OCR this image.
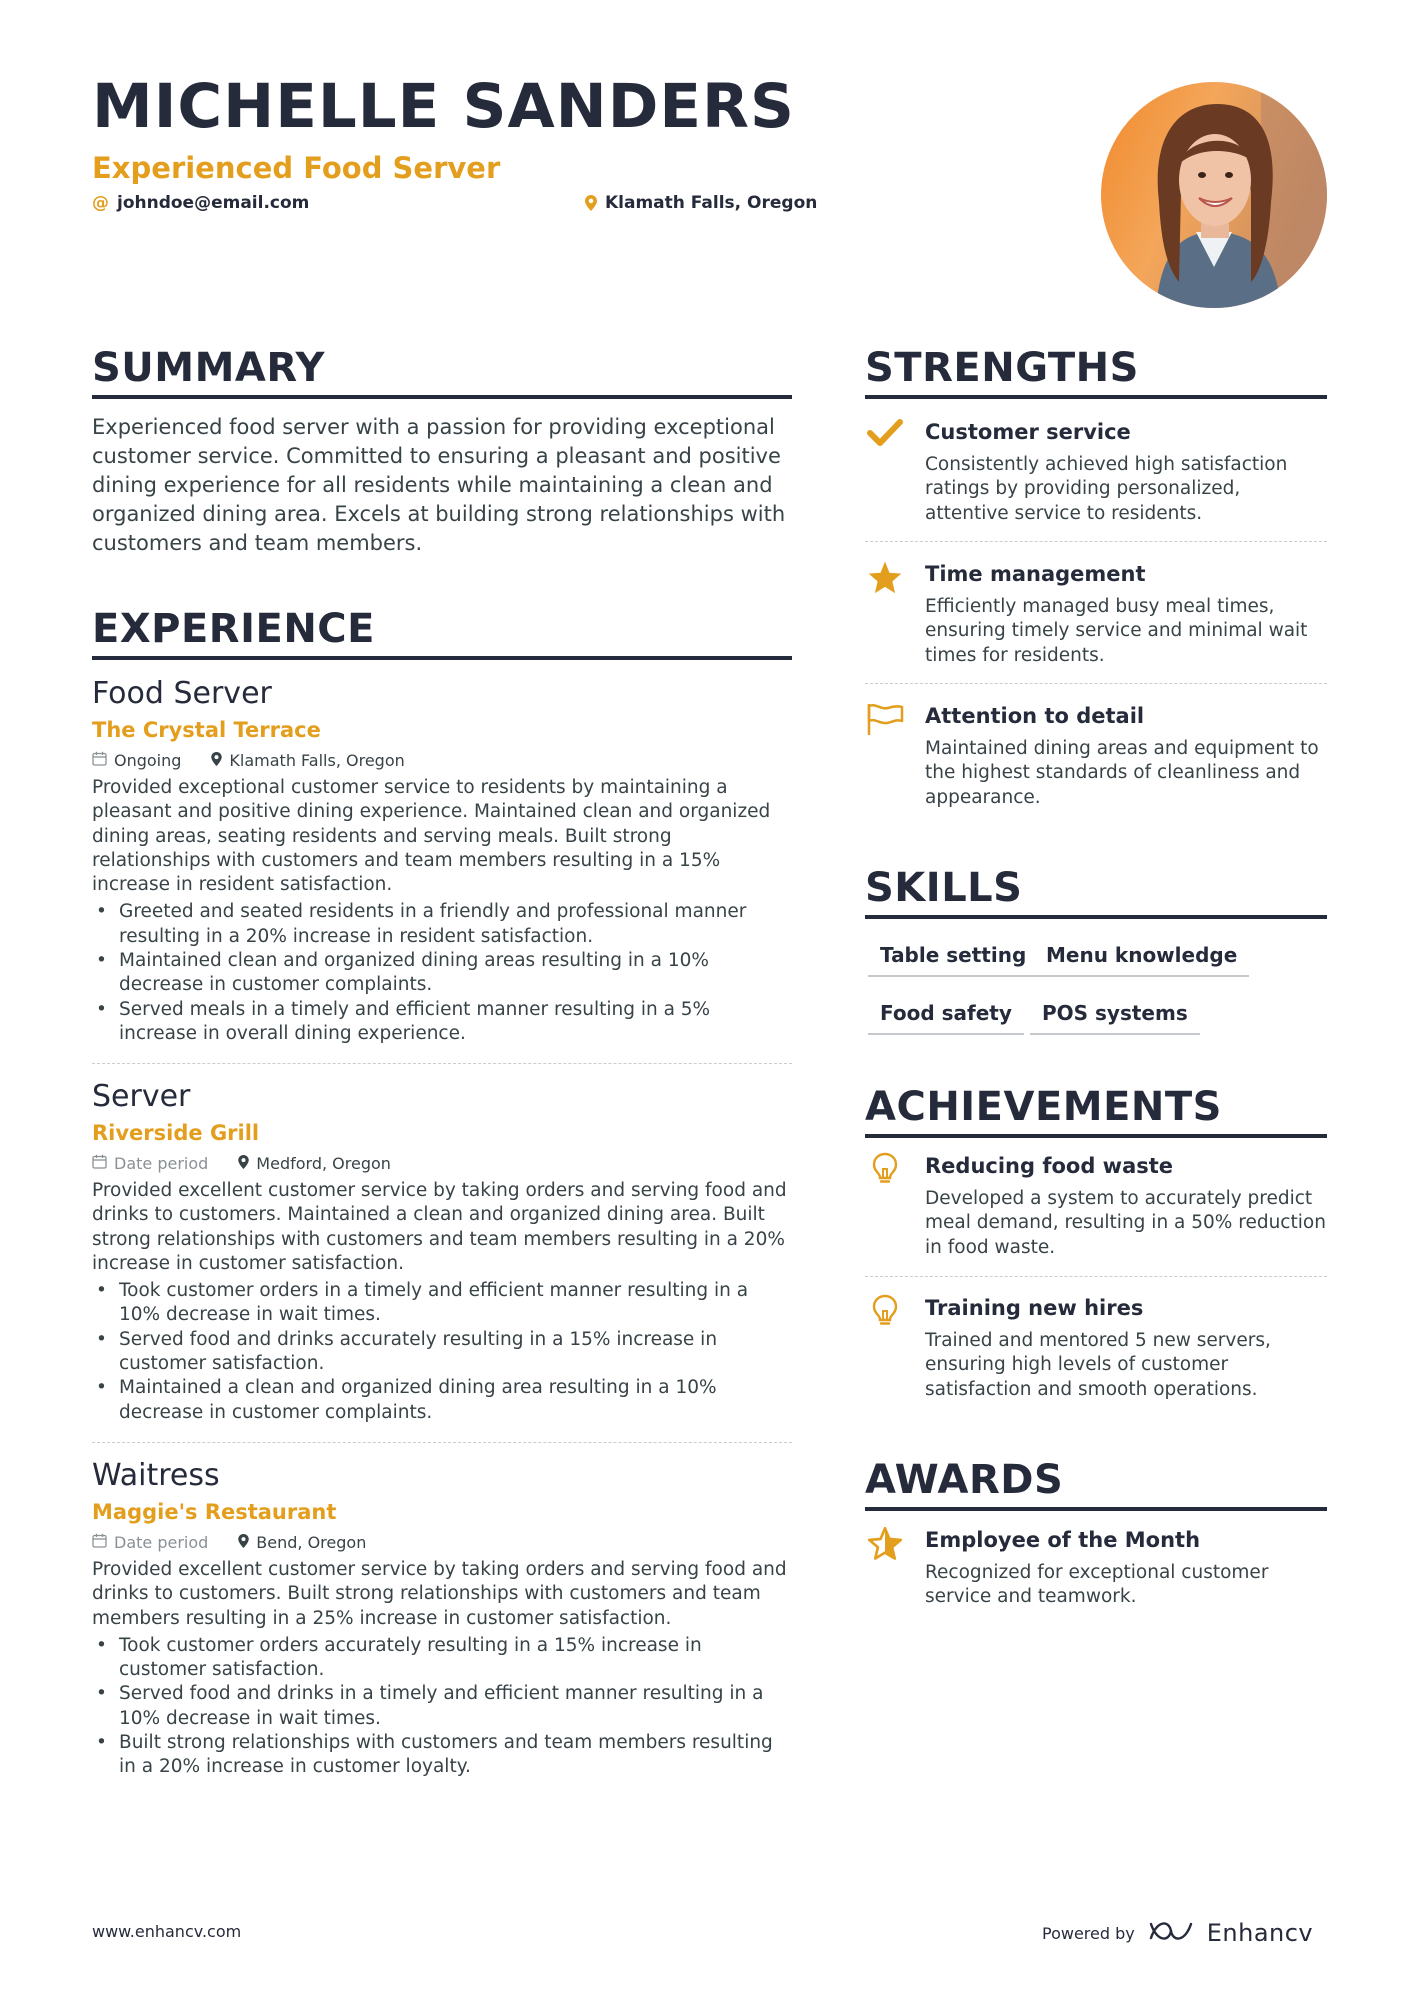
MICHELLE SANDERS
Experienced Food Server
@ johndoe@email.com	Klamath Falls, Oregon
SUMMARY
Experienced food server with a passion for providing exceptional customer service. Committed to ensuring a pleasant and positive dining experience for all residents while maintaining a clean and organized dining area. Excels at building strong relationships with customers and team members.
EXPERIENCE
Food Server
The Crystal Terrace
Ongoing	Klamath Falls, Oregon
Provided exceptional customer service to residents by maintaining a pleasant and positive dining experience. Maintained clean and organized dining areas, seating residents and serving meals. Built strong relationships with customers and team members resulting in a 15% increase in resident satisfaction.
• Greeted and seated residents in a friendly and professional manner resulting in a 20% increase in resident satisfaction.
• Maintained clean and organized dining areas resulting in a 10% decrease in customer complaints.
• Served meals in a timely and efficient manner resulting in a 5% increase in overall dining experience.
Server
Riverside Grill
Date period	Medford, Oregon
Provided excellent customer service by taking orders and serving food and drinks to customers. Maintained a clean and organized dining area. Built strong relationships with customers and team members resulting in a 20% increase in customer satisfaction.
• Took customer orders in a timely and efficient manner resulting in a 10% decrease in wait times.
• Served food and drinks accurately resulting in a 15% increase in customer satisfaction.
• Maintained a clean and organized dining area resulting in a 10% decrease in customer complaints.
Waitress
Maggie's Restaurant
Date period	Bend, Oregon
Provided excellent customer service by taking orders and serving food and drinks to customers. Built strong relationships with customers and team members resulting in a 25% increase in customer satisfaction.
• Took customer orders accurately resulting in a 15% increase in customer satisfaction.
• Served food and drinks in a timely and efficient manner resulting in a 10% decrease in wait times.
• Built strong relationships with customers and team members resulting in a 20% increase in customer loyalty.
STRENGTHS
Customer service
Consistently achieved high satisfaction ratings by providing personalized, attentive service to residents.
Time management
Efficiently managed busy meal times, ensuring timely service and minimal wait times for residents.
Attention to detail
Maintained dining areas and equipment to the highest standards of cleanliness and appearance.
SKILLS
Table setting Menu knowledge
Food safety	POS systems
ACHIEVEMENTS
Reducing food waste
Developed a system to accurately predict meal demand, resulting in a 50% reduction in food waste.
Training new hires
Trained and mentored 5 new servers, ensuring high levels of customer satisfaction and smooth operations.
AWARDS
Employee of the Month
Recognized for exceptional customer service and teamwork.
www.enhancv.com	Powered by	Enhancv
